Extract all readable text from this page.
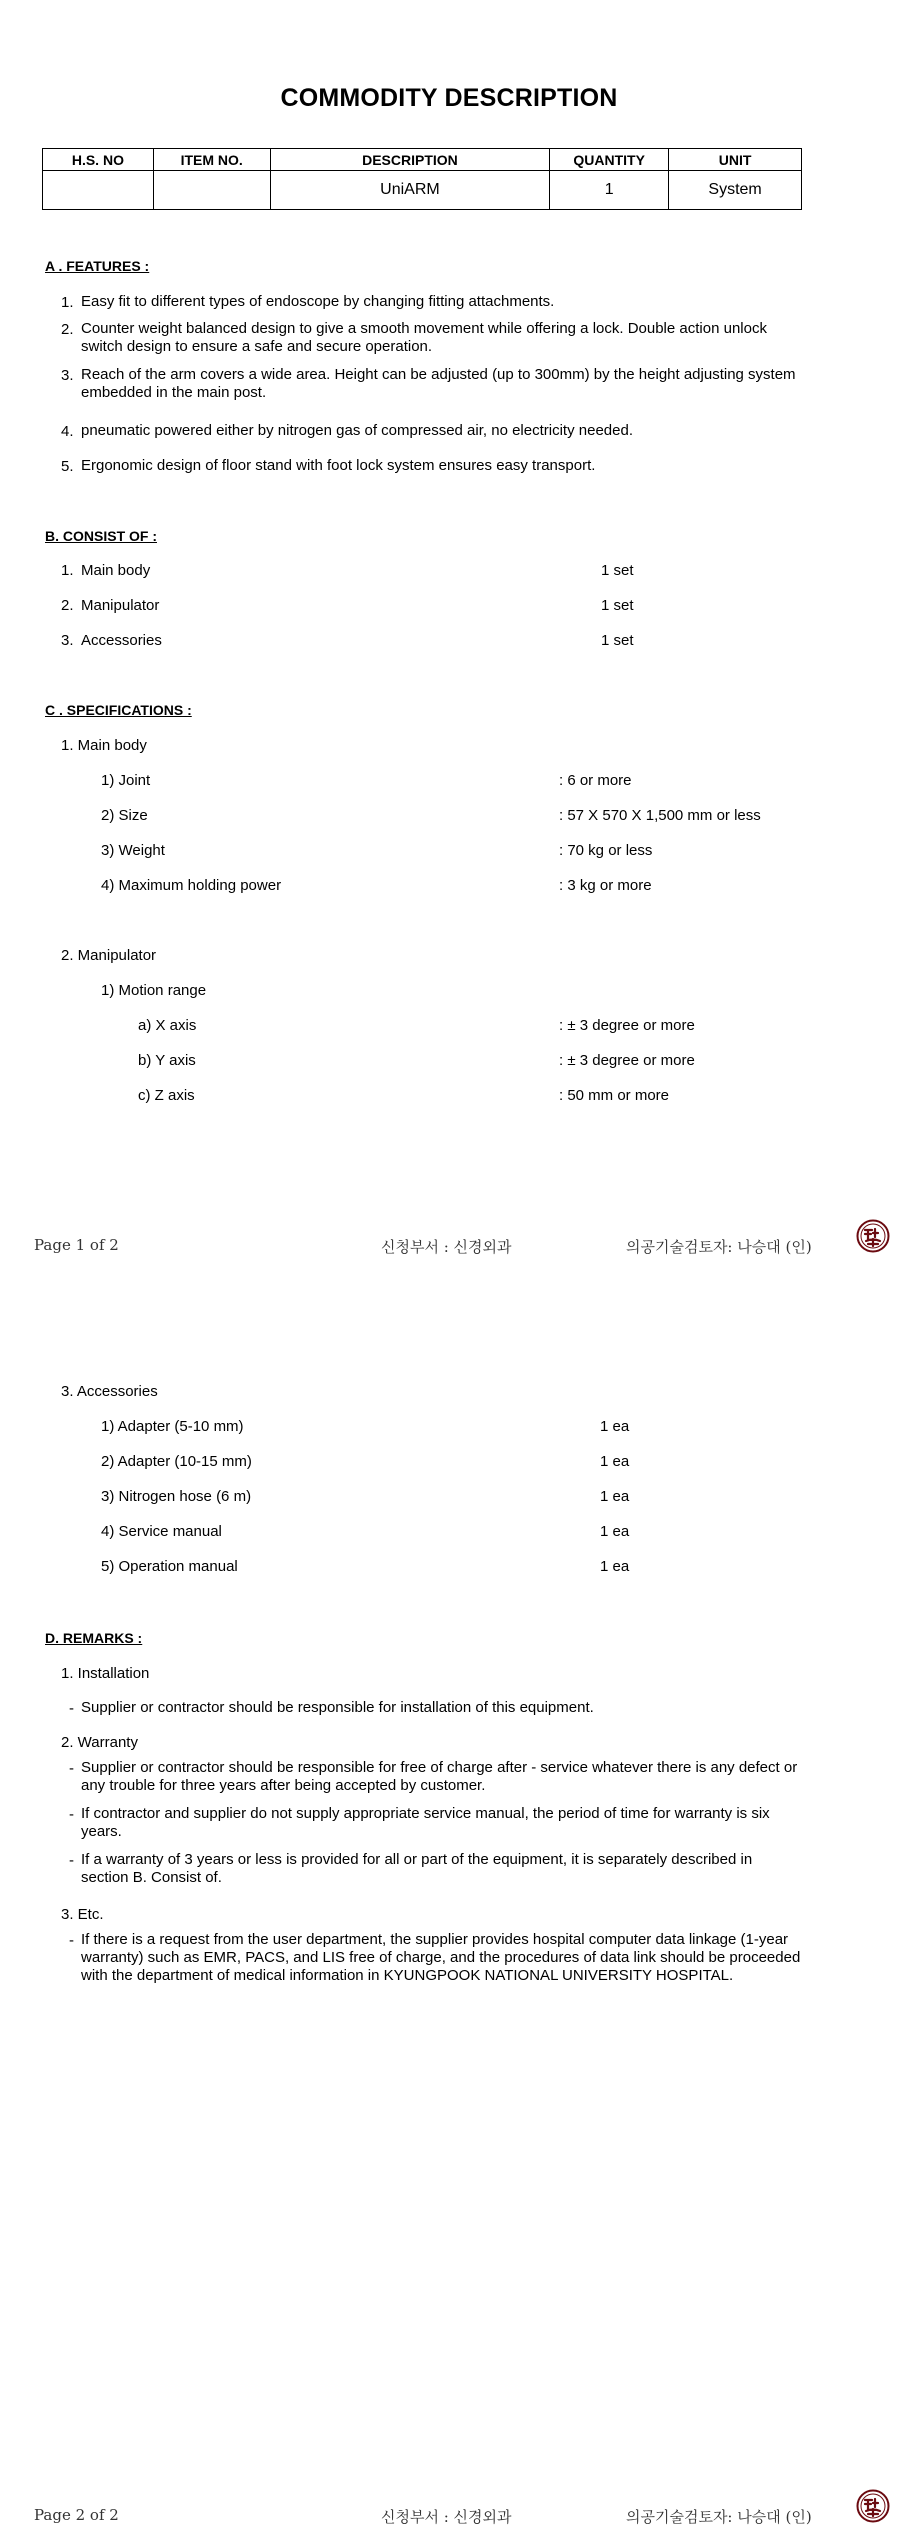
COMMODITY DESCRIPTION
H.S. NO	ITEM NO.	DESCRIPTION	QUANTITY	UNIT
		UniARM	1	System
A . FEATURES :
1. Easy fit to different types of endoscope by changing fitting attachments.
2. Counter weight balanced design to give a smooth movement while offering a lock. Double action unlock switch design to ensure a safe and secure operation.
3. Reach of the arm covers a wide area. Height can be adjusted (up to 300mm) by the height adjusting system embedded in the main post.
4. pneumatic powered either by nitrogen gas of compressed air, no electricity needed.
5. Ergonomic design of floor stand with foot lock system ensures easy transport.
B. CONSIST OF :
1. Main body	1 set
2. Manipulator	1 set
3. Accessories	1 set
C . SPECIFICATIONS :
1. Main body
1) Joint	: 6 or more
2) Size	: 57 X 570 X 1,500 mm or less
3) Weight	: 70 kg or less
4) Maximum holding power	: 3 kg or more
2. Manipulator
1) Motion range
a) X axis	: ± 3 degree or more
b) Y axis	: ± 3 degree or more
c) Z axis	: 50 mm or more
Page 1 of 2	신청부서 : 신경외과	의공기술검토자: 나승대 (인)
3. Accessories
1) Adapter (5-10 mm)	1 ea
2) Adapter (10-15 mm)	1 ea
3) Nitrogen hose (6 m)	1 ea
4) Service manual	1 ea
5) Operation manual	1 ea
D. REMARKS :
1. Installation
- Supplier or contractor should be responsible for installation of this equipment.
2. Warranty
- Supplier or contractor should be responsible for free of charge after - service whatever there is any defect or any trouble for three years after being accepted by customer.
- If contractor and supplier do not supply appropriate service manual, the period of time for warranty is six years.
- If a warranty of 3 years or less is provided for all or part of the equipment, it is separately described in section B. Consist of.
3. Etc.
- If there is a request from the user department, the supplier provides hospital computer data linkage (1-year warranty) such as EMR, PACS, and LIS free of charge, and the procedures of data link should be proceeded with the department of medical information in KYUNGPOOK NATIONAL UNIVERSITY HOSPITAL.
Page 2 of 2	신청부서 : 신경외과	의공기술검토자: 나승대 (인)
